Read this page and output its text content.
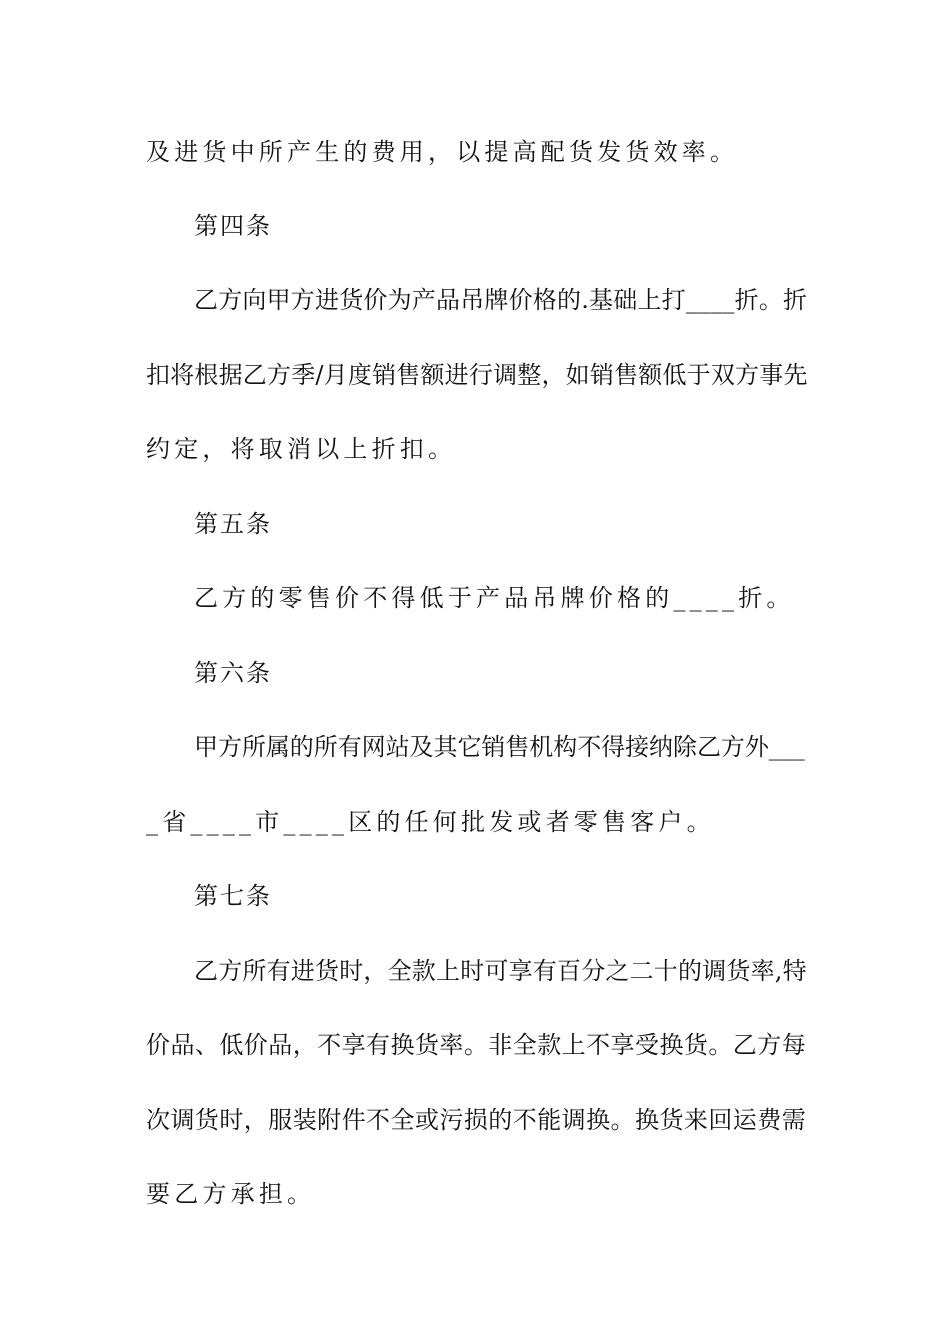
及进货中所产生的费用，以提高配货发货效率。
第四条
乙方向甲方进货价为产品吊牌价格的.基础上打____折。折
扣将根据乙方季/月度销售额进行调整，如销售额低于双方事先
约定，将取消以上折扣。
第五条
乙方的零售价不得低于产品吊牌价格的____折。
第六条
甲方所属的所有网站及其它销售机构不得接纳除乙方外___
_省____市____区的任何批发或者零售客户。
第七条
乙方所有进货时，全款上时可享有百分之二十的调货率,特
价品、低价品，不享有换货率。非全款上不享受换货。乙方每
次调货时，服装附件不全或污损的不能调换。换货来回运费需
要乙方承担。
